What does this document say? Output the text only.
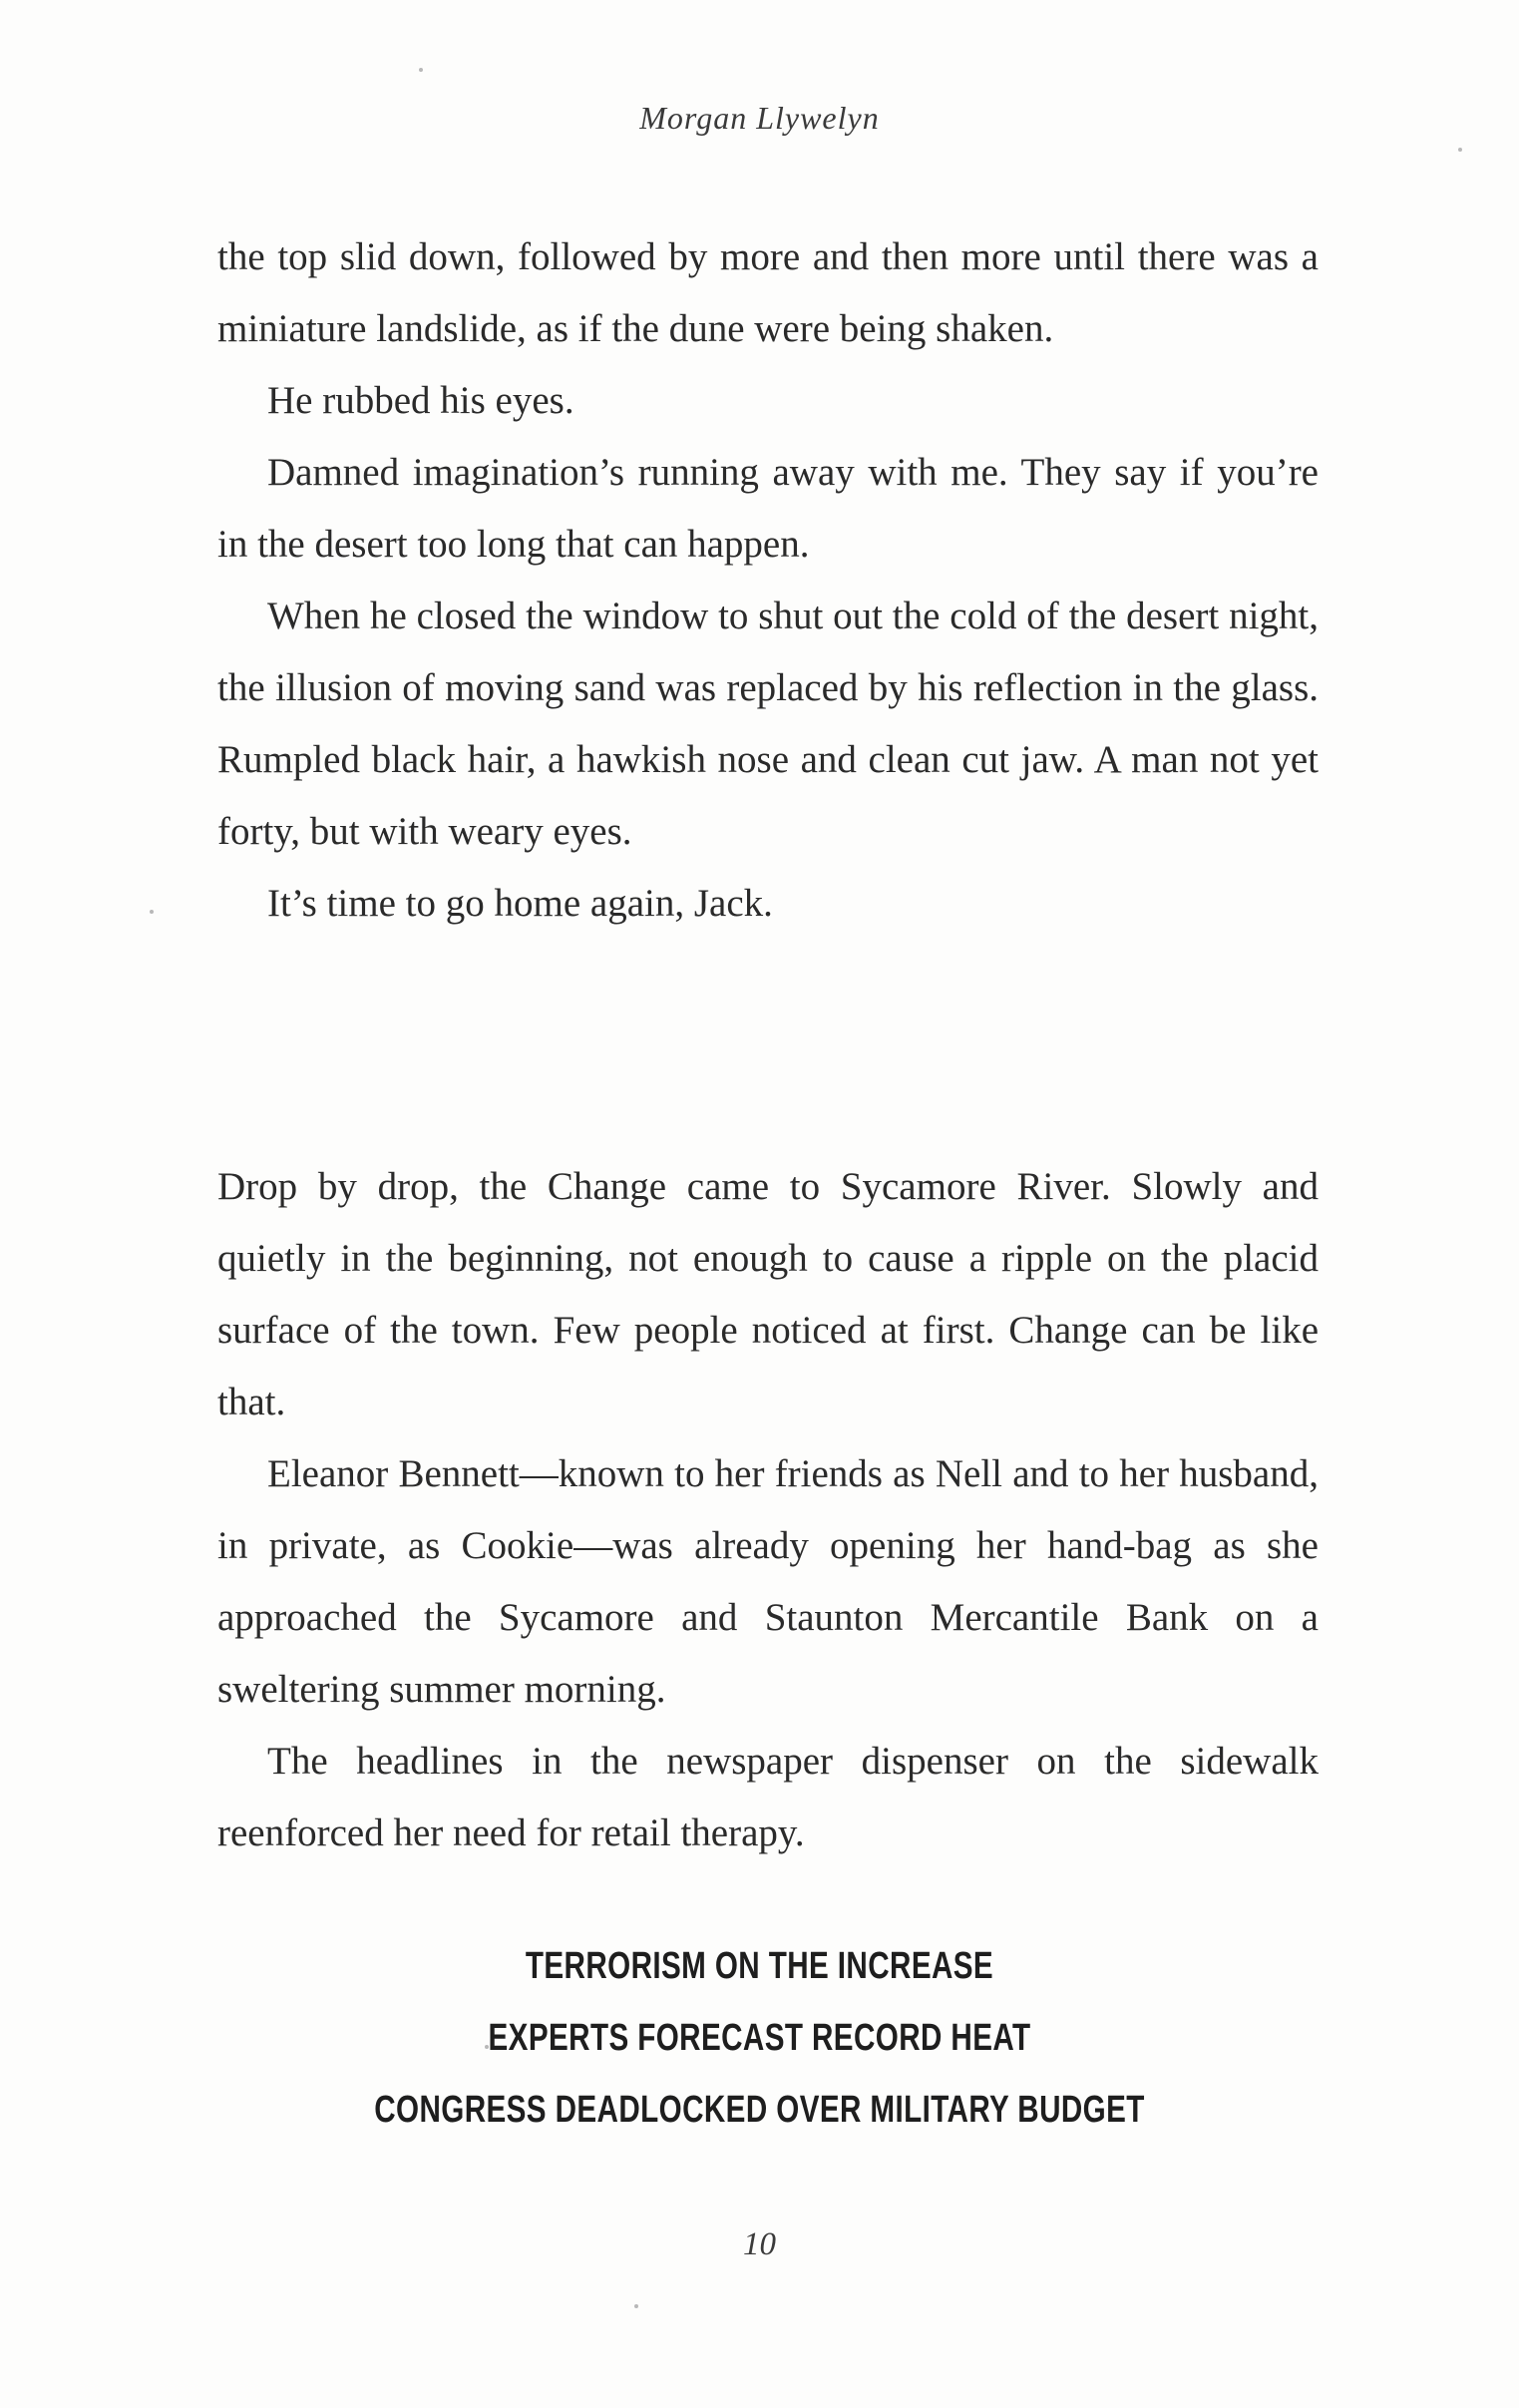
Morgan Llywelyn

the top slid down, followed by more and then more until there was a miniature landslide, as if the dune were being shaken.

He rubbed his eyes.

Damned imagination’s running away with me. They say if you’re in the desert too long that can happen.

When he closed the window to shut out the cold of the desert night, the illusion of moving sand was replaced by his reflection in the glass. Rumpled black hair, a hawkish nose and clean cut jaw. A man not yet forty, but with weary eyes.

It’s time to go home again, Jack.

Drop by drop, the Change came to Sycamore River. Slowly and quietly in the beginning, not enough to cause a ripple on the placid surface of the town. Few people noticed at first. Change can be like that.

Eleanor Bennett—known to her friends as Nell and to her husband, in private, as Cookie—was already opening her hand-bag as she approached the Sycamore and Staunton Mercantile Bank on a sweltering summer morning.

The headlines in the newspaper dispenser on the sidewalk reenforced her need for retail therapy.

TERRORISM ON THE INCREASE
EXPERTS FORECAST RECORD HEAT
CONGRESS DEADLOCKED OVER MILITARY BUDGET
10
